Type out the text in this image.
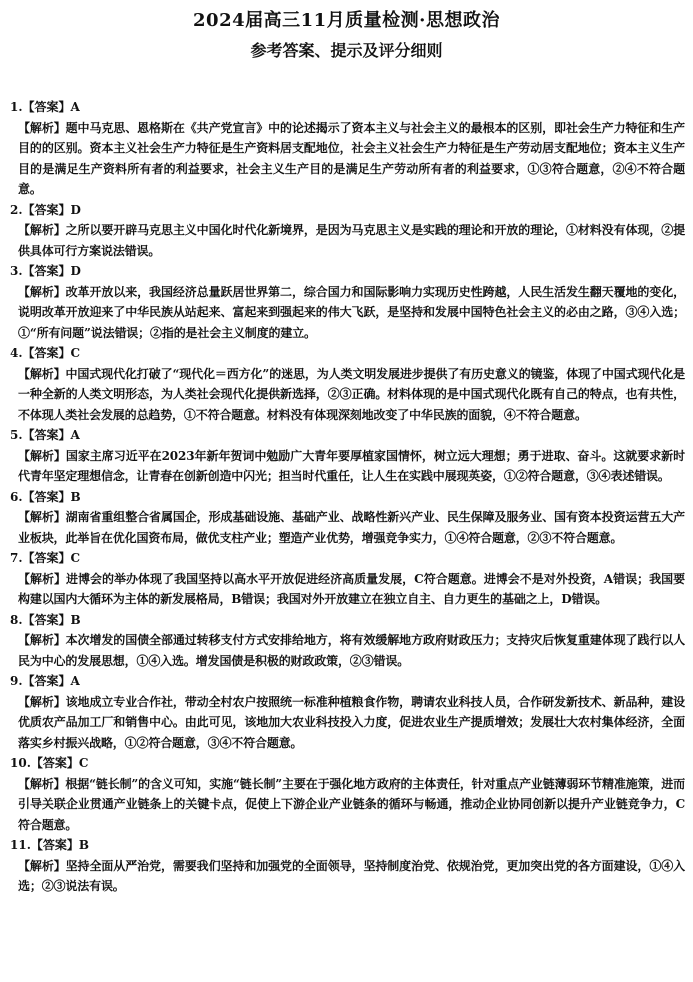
2024届高三11月质量检测·思想政治
参考答案、提示及评分细则
1.【答案】A
【解析】题中马克思、恩格斯在《共产党宣言》中的论述揭示了资本主义与社会主义的最根本的区别，即社会生产力特征和生产目的的区别。资本主义社会生产力特征是生产资料居支配地位，社会主义社会生产力特征是生产劳动居支配地位；资本主义生产目的是满足生产资料所有者的利益要求，社会主义生产目的是满足生产劳动所有者的利益要求，①③符合题意，②④不符合题意。
2.【答案】D
【解析】之所以要开辟马克思主义中国化时代化新境界，是因为马克思主义是实践的理论和开放的理论，①材料没有体现，②提供具体可行方案说法错误。
3.【答案】D
【解析】改革开放以来，我国经济总量跃居世界第二，综合国力和国际影响力实现历史性跨越，人民生活发生翻天覆地的变化，说明改革开放迎来了中华民族从站起来、富起来到强起来的伟大飞跃，是坚持和发展中国特色社会主义的必由之路，③④入选；①“所有问题”说法错误；②指的是社会主义制度的建立。
4.【答案】C
【解析】中国式现代化打破了“现代化＝西方化”的迷思，为人类文明发展进步提供了有历史意义的镜鉴，体现了中国式现代化是一种全新的人类文明形态，为人类社会现代化提供新选择，②③正确。材料体现的是中国式现代化既有自己的特点，也有共性，不体现人类社会发展的总趋势，①不符合题意。材料没有体现深刻地改变了中华民族的面貌，④不符合题意。
5.【答案】A
【解析】国家主席习近平在2023年新年贺词中勉励广大青年要厚植家国情怀，树立远大理想；勇于进取、奋斗。这就要求新时代青年坚定理想信念，让青春在创新创造中闪光；担当时代重任，让人生在实践中展现英姿，①②符合题意，③④表述错误。
6.【答案】B
【解析】湖南省重组整合省属国企，形成基础设施、基础产业、战略性新兴产业、民生保障及服务业、国有资本投资运营五大产业板块，此举旨在优化国资布局，做优支柱产业；塑造产业优势，增强竞争实力，①④符合题意，②③不符合题意。
7.【答案】C
【解析】进博会的举办体现了我国坚持以高水平开放促进经济高质量发展，C符合题意。进博会不是对外投资，A错误；我国要构建以国内大循环为主体的新发展格局，B错误；我国对外开放建立在独立自主、自力更生的基础之上，D错误。
8.【答案】B
【解析】本次增发的国债全部通过转移支付方式安排给地方，将有效缓解地方政府财政压力；支持灾后恢复重建体现了践行以人民为中心的发展思想，①④入选。增发国债是积极的财政政策，②③错误。
9.【答案】A
【解析】该地成立专业合作社，带动全村农户按照统一标准种植粮食作物，聘请农业科技人员，合作研发新技术、新品种，建设优质农产品加工厂和销售中心。由此可见，该地加大农业科技投入力度，促进农业生产提质增效；发展壮大农村集体经济，全面落实乡村振兴战略，①②符合题意，③④不符合题意。
10.【答案】C
【解析】根据“链长制”的含义可知，实施“链长制”主要在于强化地方政府的主体责任，针对重点产业链薄弱环节精准施策，进而引导关联企业贯通产业链条上的关键卡点，促使上下游企业产业链条的循环与畅通，推动企业协同创新以提升产业链竞争力，C符合题意。
11.【答案】B
【解析】坚持全面从严治党，需要我们坚持和加强党的全面领导，坚持制度治党、依规治党，更加突出党的各方面建设，①④入选；②③说法有误。
